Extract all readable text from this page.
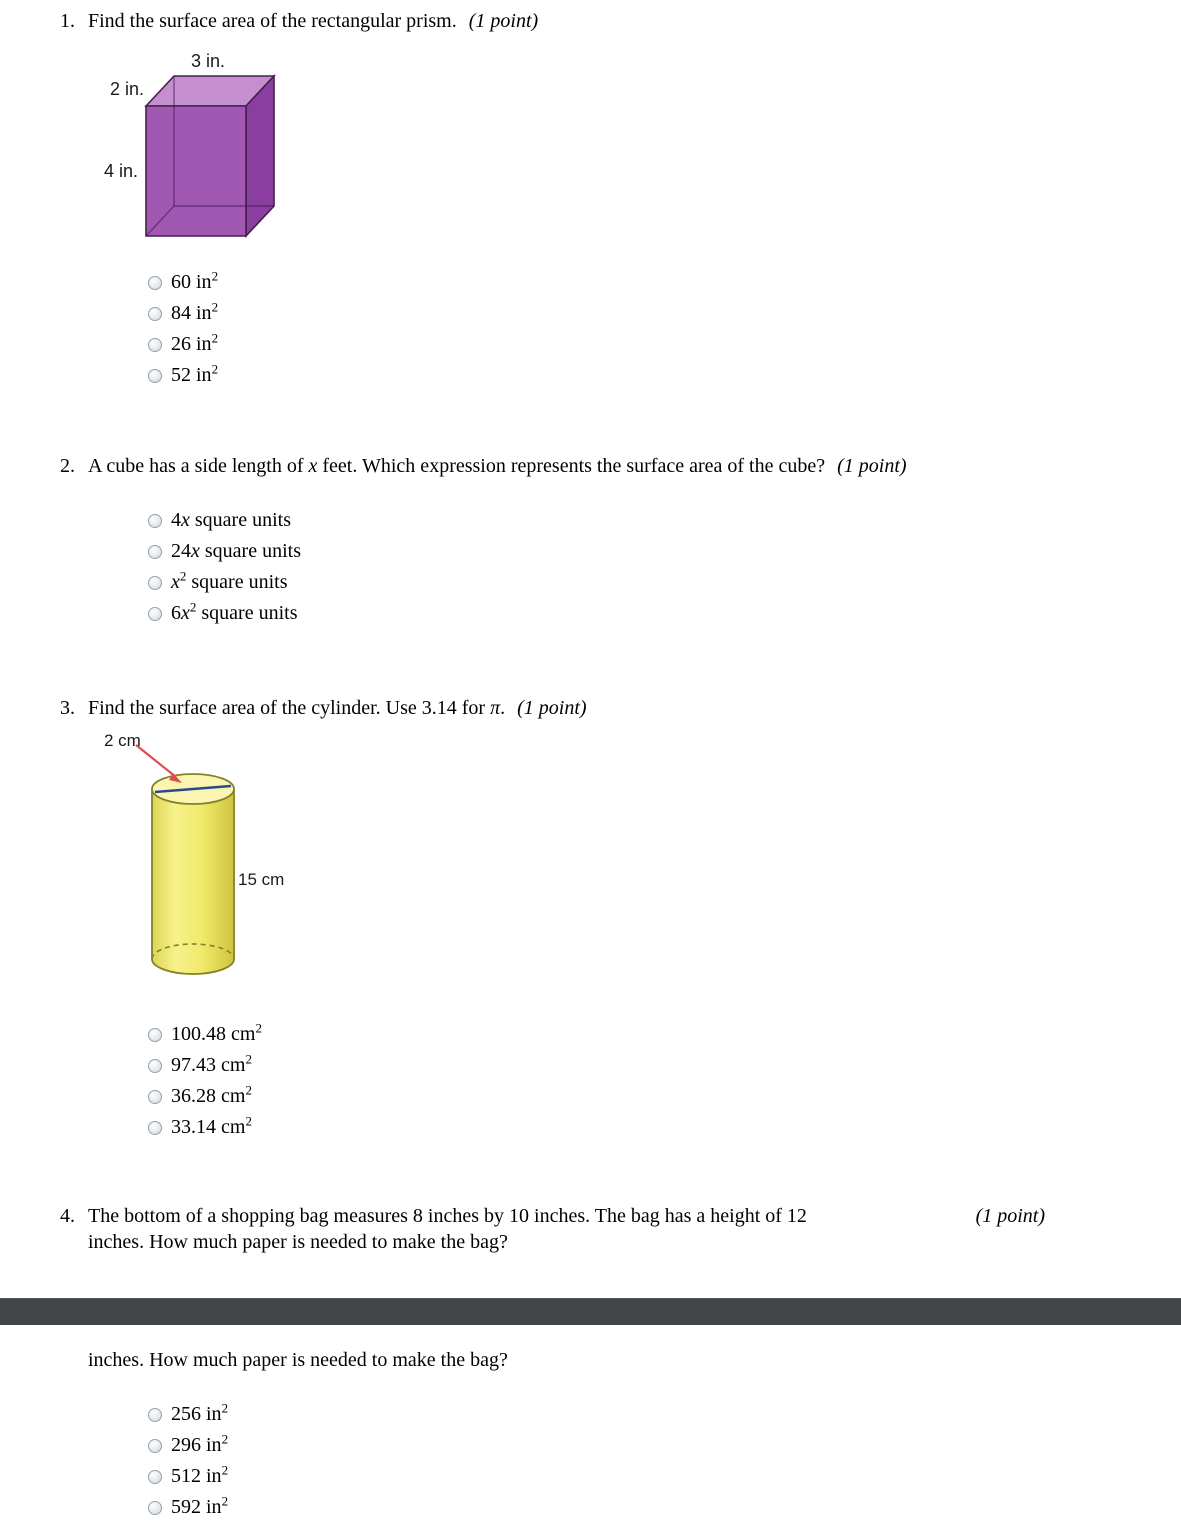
1. Find the surface area of the rectangular prism. (1 point)
3 in.
2 in.
4 in.
60 $in^2$
84 $in^2$
26 $in^2$
52 $in^2$
2. A cube has a side length of x feet. Which expression represents the surface area of the cube? (1 point)
4x square units
24x square units
$x^2$ square units
$6x^2$ square units
3. Find the surface area of the cylinder. Use 3.14 for π. (1 point)
2 cm
15 cm
100.48 $cm^2$
97.43 $cm^2$
36.28 $cm^2$
33.14 $cm^2$
4. The bottom of a shopping bag measures 8 inches by 10 inches. The bag has a height of 12
inches. How much paper is needed to make the bag?
(1 point)
inches. How much paper is needed to make the bag?
256 $in^2$
296 $in^2$
512 $in^2$
592 $in^2$
